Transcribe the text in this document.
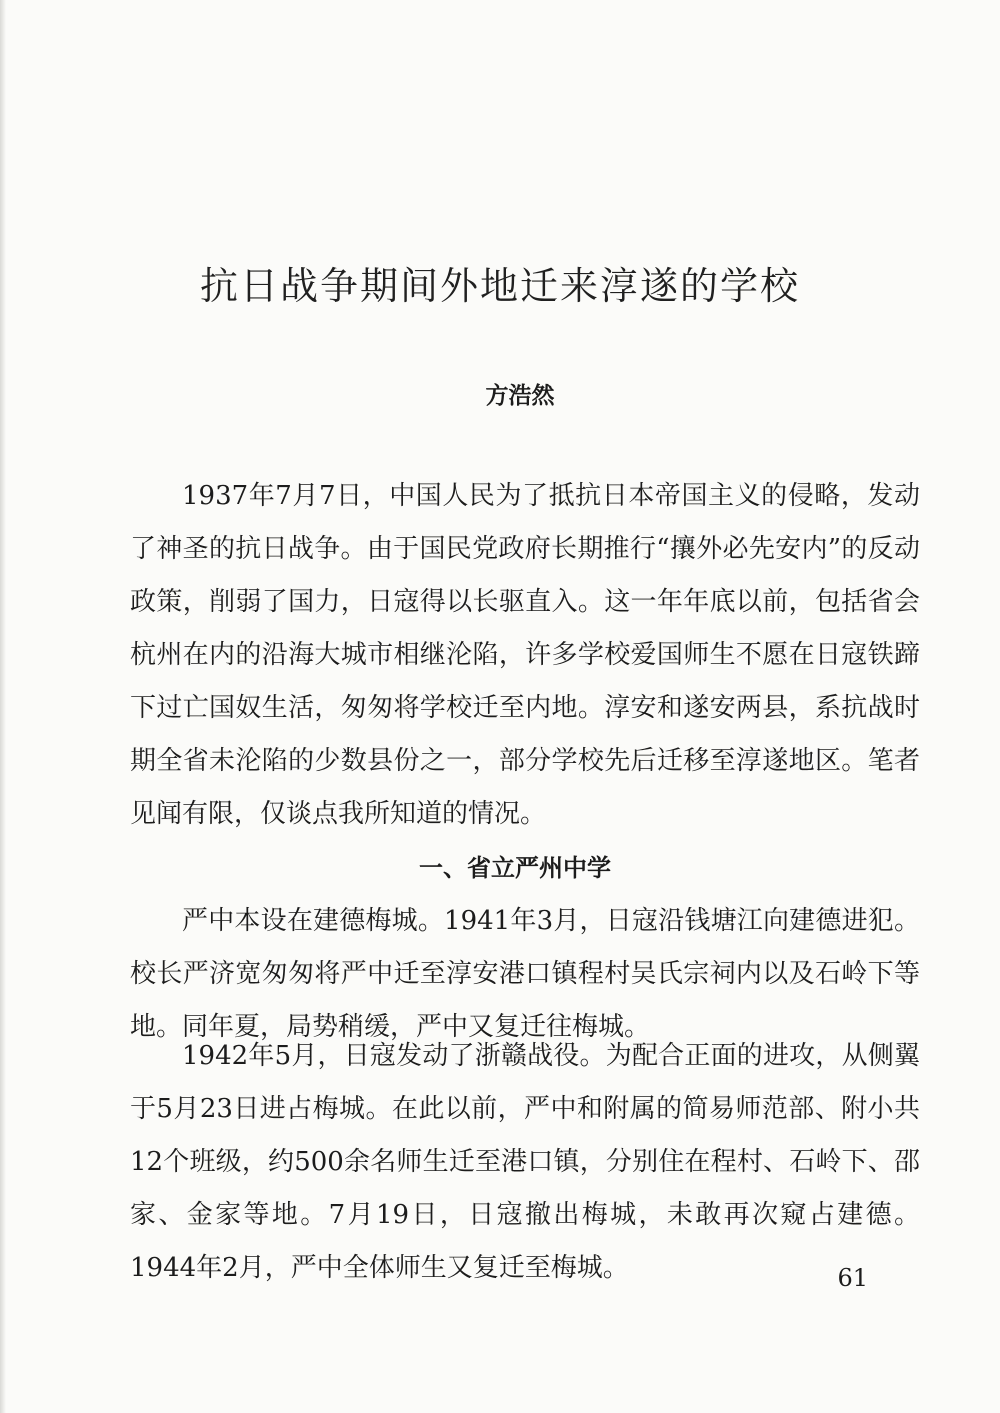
抗日战争期间外地迁来淳遂的学校
方浩然

1937年7月7日，中国人民为了抵抗日本帝国主义的侵略，发动了神圣的抗日战争。由于国民党政府长期推行“攘外必先安内”的反动政策，削弱了国力，日寇得以长驱直入。这一年年底以前，包括省会杭州在内的沿海大城市相继沦陷，许多学校爱国师生不愿在日寇铁蹄下过亡国奴生活，匆匆将学校迁至内地。淳安和遂安两县，系抗战时期全省未沦陷的少数县份之一，部分学校先后迁移至淳遂地区。笔者见闻有限，仅谈点我所知道的情况。

一、省立严州中学

严中本设在建德梅城。1941年3月，日寇沿钱塘江向建德进犯。校长严济宽匆匆将严中迁至淳安港口镇程村吴氏宗祠内以及石岭下等地。同年夏，局势稍缓，严中又复迁往梅城。

1942年5月，日寇发动了浙赣战役。为配合正面的进攻，从侧翼于5月23日进占梅城。在此以前，严中和附属的简易师范部、附小共12个班级，约500余名师生迁至港口镇，分别住在程村、石岭下、邵家、金家等地。7月19日，日寇撤出梅城，未敢再次窥占建德。1944年2月，严中全体师生又复迁至梅城。	61
